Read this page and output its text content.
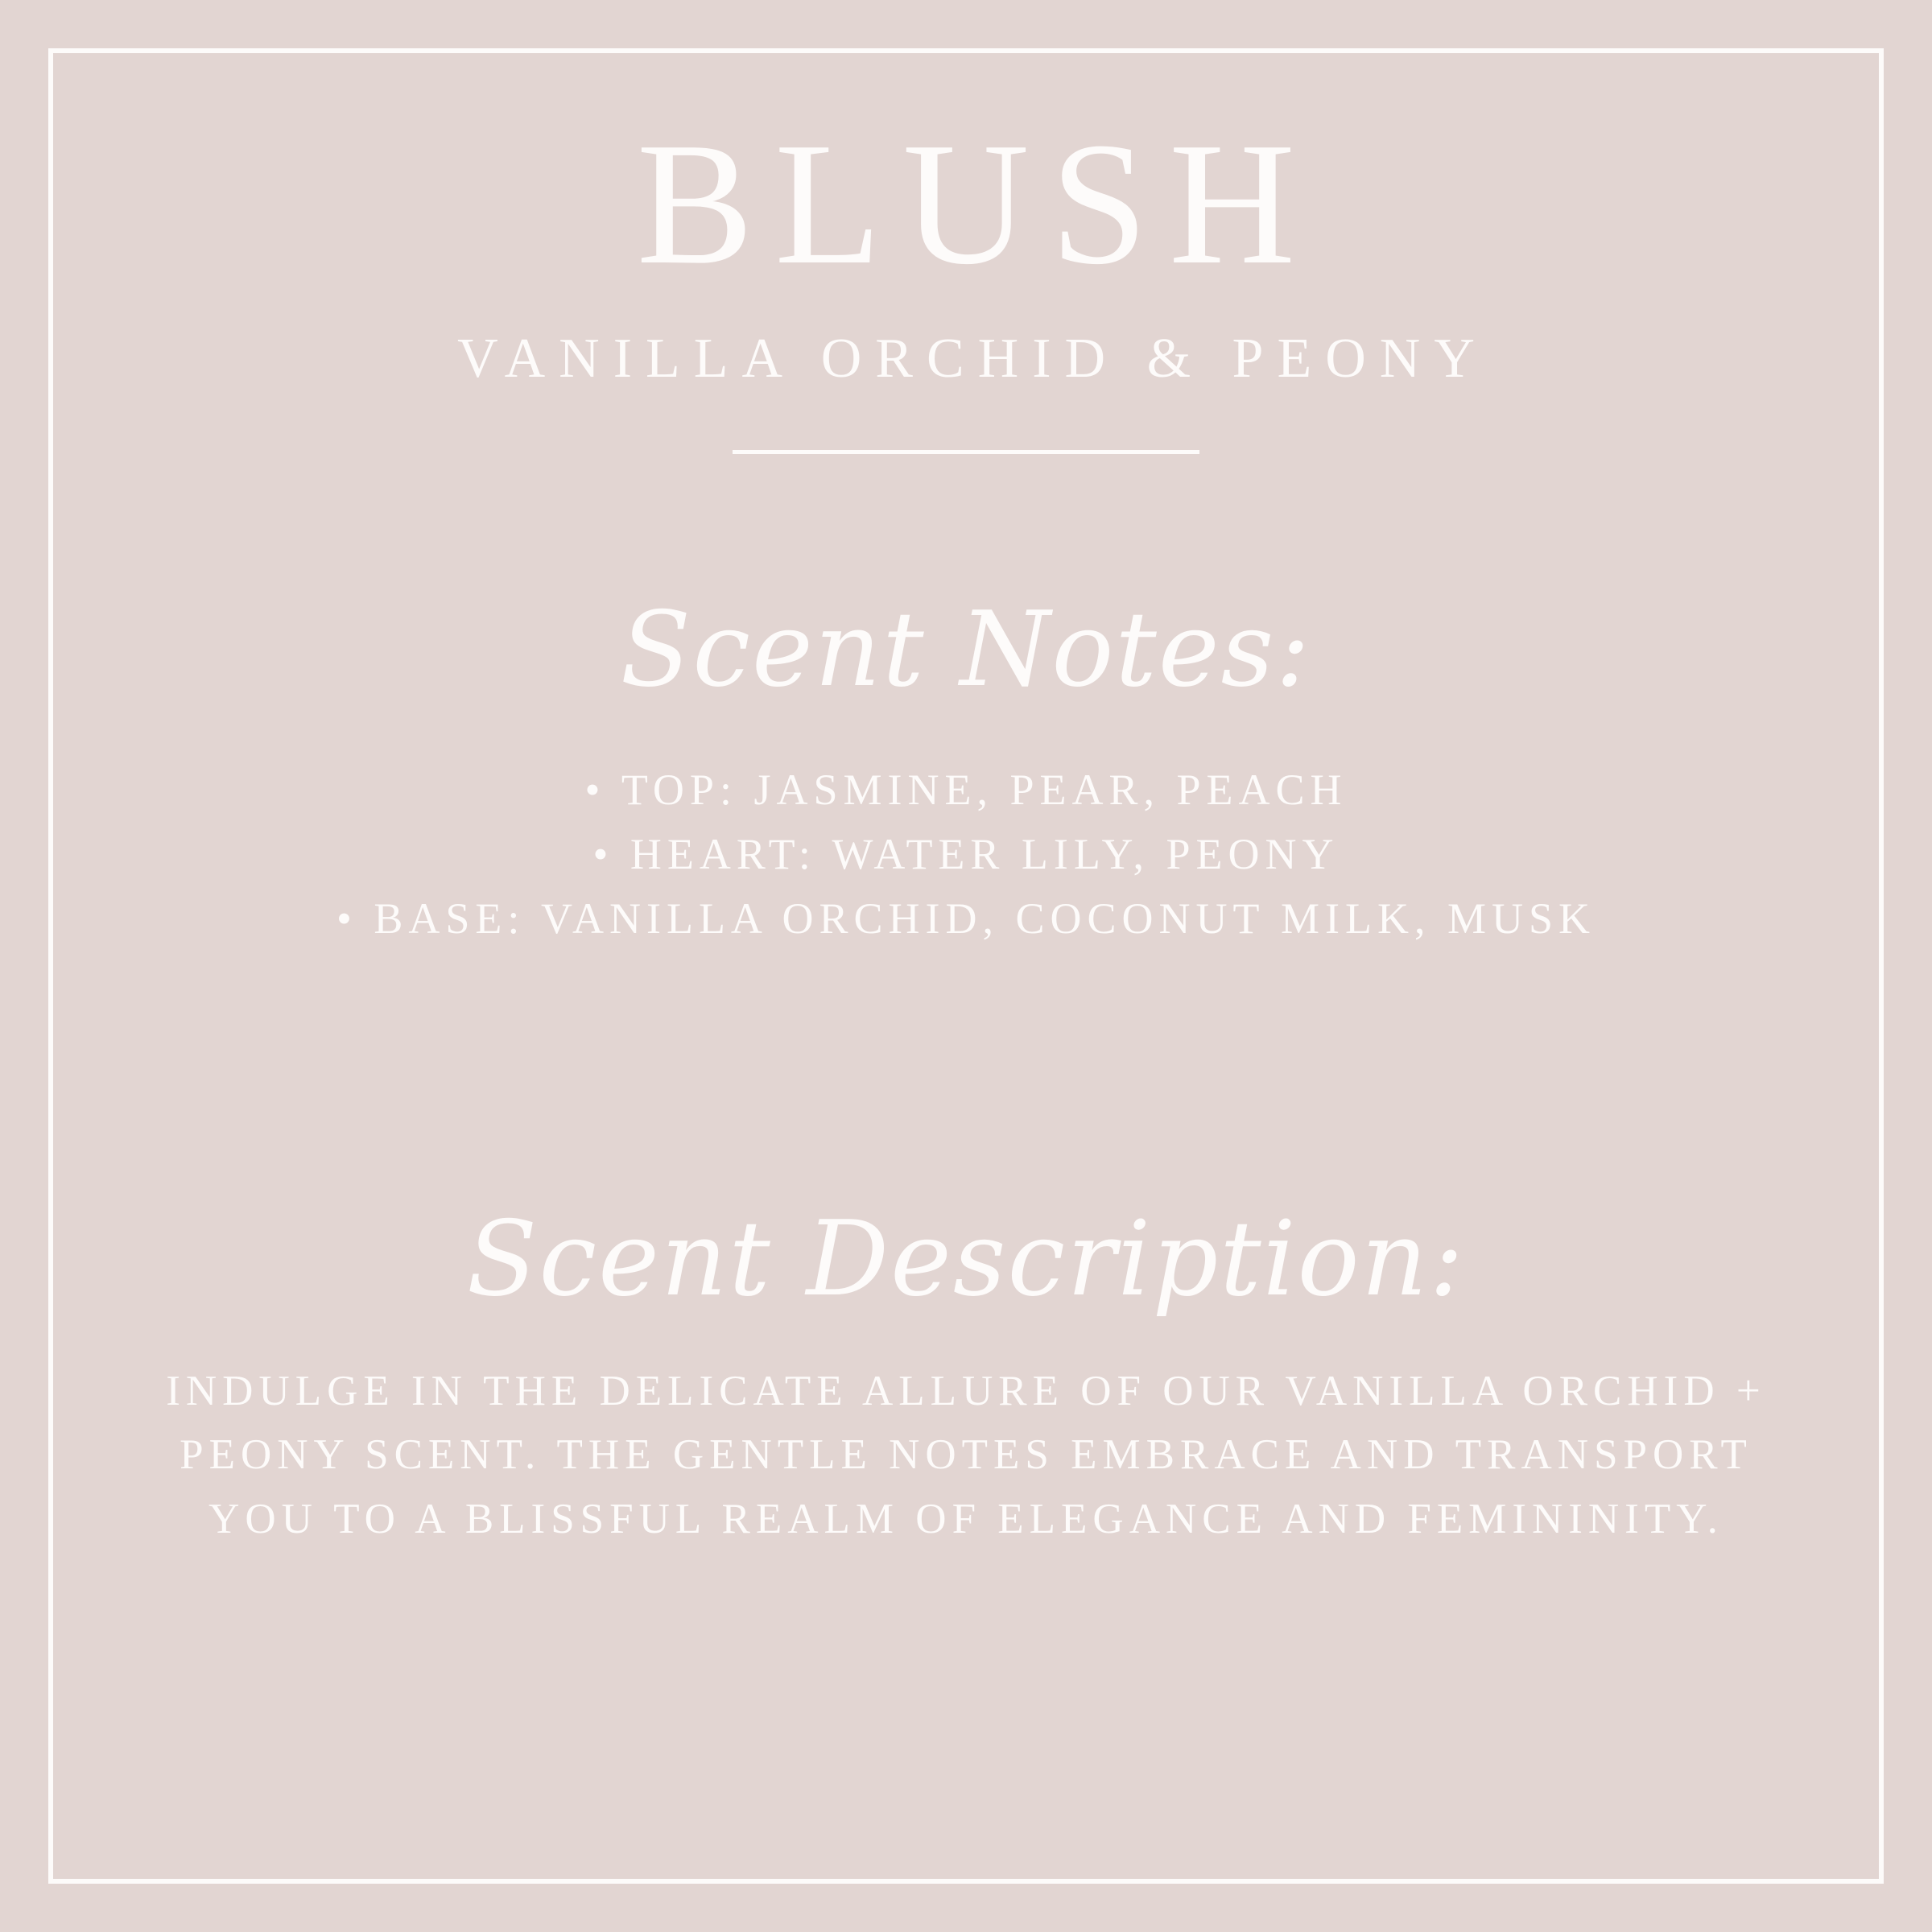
BLUSH
VANILLA ORCHID & PEONY
Scent Notes:
• TOP: JASMINE, PEAR, PEACH
• HEART: WATER LILY, PEONY
• BASE: VANILLA ORCHID, COCONUT MILK, MUSK
Scent Description:
INDULGE IN THE DELICATE ALLURE OF OUR VANILLA ORCHID + PEONY SCENT. THE GENTLE NOTES EMBRACE AND TRANSPORT YOU TO A BLISSFUL REALM OF ELEGANCE AND FEMININITY.
